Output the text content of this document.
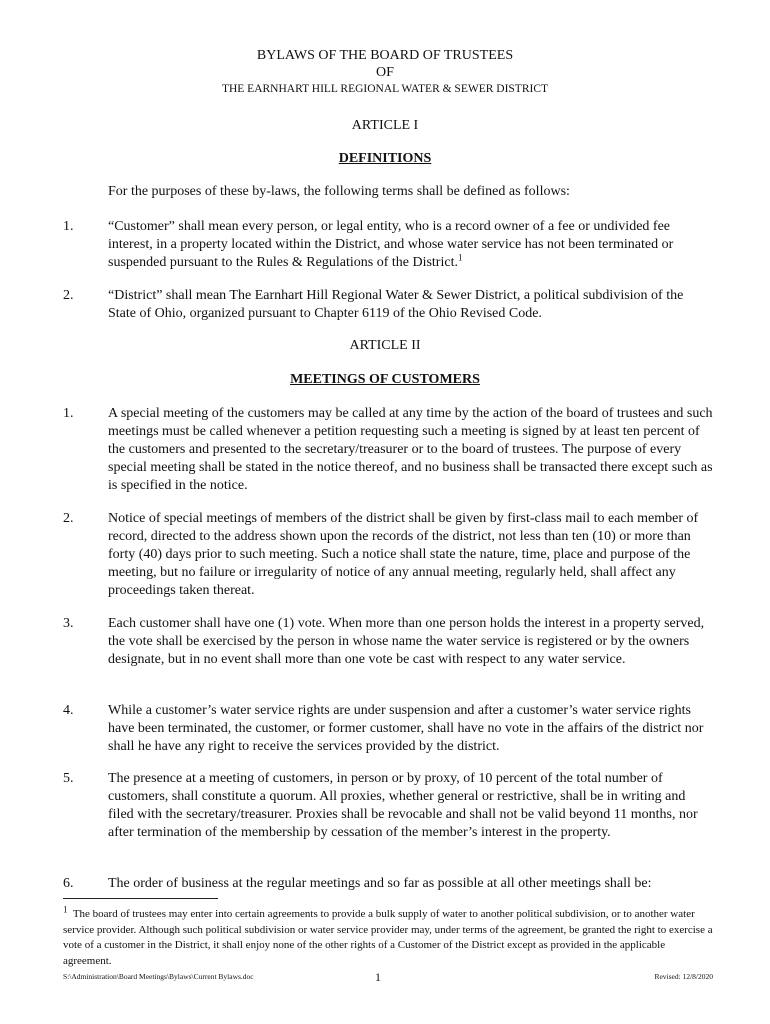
BYLAWS OF THE BOARD OF TRUSTEES
OF
THE EARNHART HILL REGIONAL WATER & SEWER DISTRICT
ARTICLE I
DEFINITIONS
For the purposes of these by-laws, the following terms shall be defined as follows:
1. “Customer” shall mean every person, or legal entity, who is a record owner of a fee or undivided fee interest, in a property located within the District, and whose water service has not been terminated or suspended pursuant to the Rules & Regulations of the District.$^1$
2. “District” shall mean The Earnhart Hill Regional Water & Sewer District, a political subdivision of the State of Ohio, organized pursuant to Chapter 6119 of the Ohio Revised Code.
ARTICLE II
MEETINGS OF CUSTOMERS
1. A special meeting of the customers may be called at any time by the action of the board of trustees and such meetings must be called whenever a petition requesting such a meeting is signed by at least ten percent of the customers and presented to the secretary/treasurer or to the board of trustees. The purpose of every special meeting shall be stated in the notice thereof, and no business shall be transacted there except such as is specified in the notice.
2. Notice of special meetings of members of the district shall be given by first-class mail to each member of record, directed to the address shown upon the records of the district, not less than ten (10) or more than forty (40) days prior to such meeting. Such a notice shall state the nature, time, place and purpose of the meeting, but no failure or irregularity of notice of any annual meeting, regularly held, shall affect any proceedings taken thereat.
3. Each customer shall have one (1) vote. When more than one person holds the interest in a property served, the vote shall be exercised by the person in whose name the water service is registered or by the owners designate, but in no event shall more than one vote be cast with respect to any water service.
4. While a customer’s water service rights are under suspension and after a customer’s water service rights have been terminated, the customer, or former customer, shall have no vote in the affairs of the district nor shall he have any right to receive the services provided by the district.
5. The presence at a meeting of customers, in person or by proxy, of 10 percent of the total number of customers, shall constitute a quorum. All proxies, whether general or restrictive, shall be in writing and filed with the secretary/treasurer. Proxies shall be revocable and shall not be valid beyond 11 months, nor after termination of the membership by cessation of the member’s interest in the property.
6. The order of business at the regular meetings and so far as possible at all other meetings shall be:
$^1$ The board of trustees may enter into certain agreements to provide a bulk supply of water to another political subdivision, or to another water service provider. Although such political subdivision or water service provider may, under terms of the agreement, be granted the right to exercise a vote of a customer in the District, it shall enjoy none of the other rights of a Customer of the District except as provided in the applicable agreement.
S:\Administration\Board Meetings\Bylaws\Current Bylaws.doc	1	Revised: 12/8/2020
